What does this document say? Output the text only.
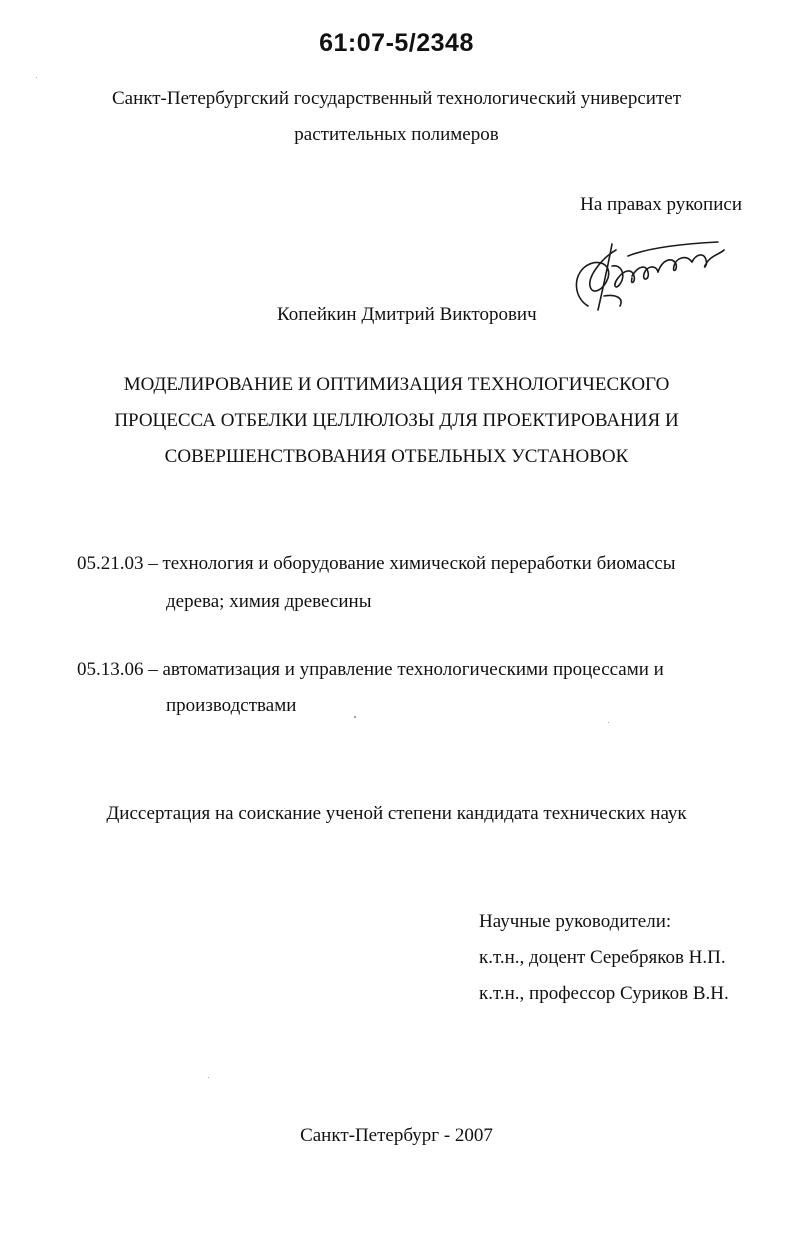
61:07-5/2348
Санкт-Петербургский государственный технологический университет
растительных полимеров
На правах рукописи
Копейкин Дмитрий Викторович
МОДЕЛИРОВАНИЕ И ОПТИМИЗАЦИЯ ТЕХНОЛОГИЧЕСКОГО
ПРОЦЕССА ОТБЕЛКИ ЦЕЛЛЮЛОЗЫ ДЛЯ ПРОЕКТИРОВАНИЯ И
СОВЕРШЕНСТВОВАНИЯ ОТБЕЛЬНЫХ УСТАНОВОК
05.21.03 – технология и оборудование химической переработки биомассы
дерева; химия древесины
05.13.06 – автоматизация и управление технологическими процессами и
производствами
Диссертация на соискание ученой степени кандидата технических наук
Научные руководители:
к.т.н., доцент Серебряков Н.П.
к.т.н., профессор Суриков В.Н.
Санкт-Петербург - 2007
